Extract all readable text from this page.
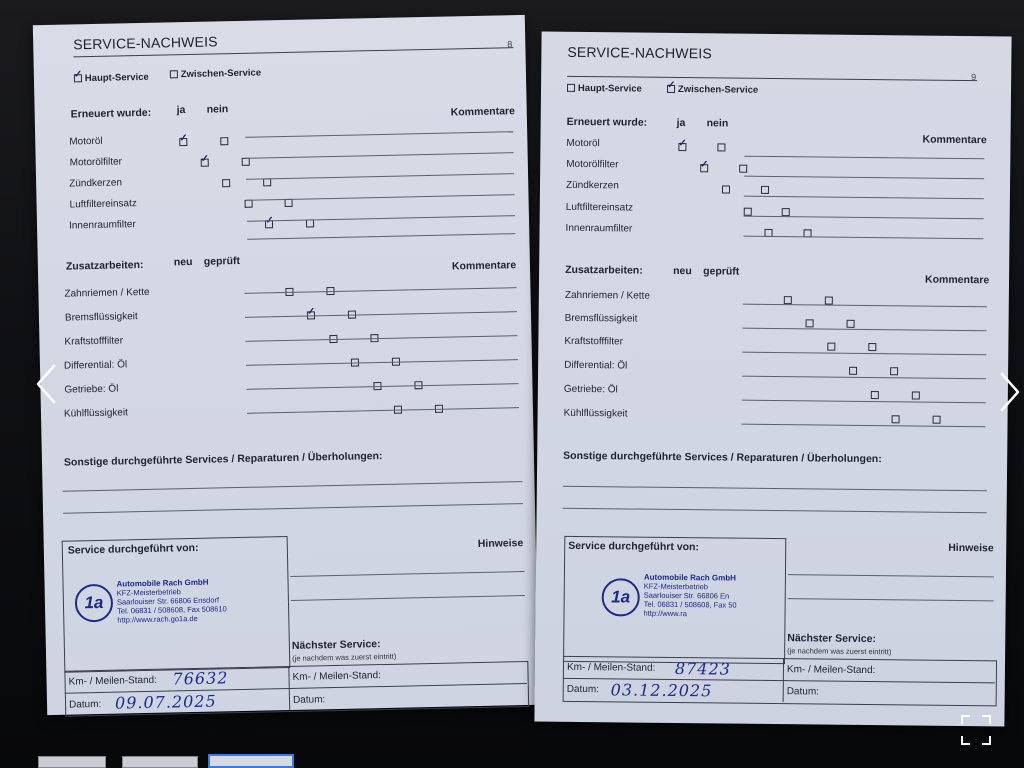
SERVICE-NACHWEIS	8
✓ Haupt-Service	Zwischen-Service
Erneuert wurde: ja nein	Kommentare
Motoröl
Motorölfilter
Zündkerzen
Luftfiltereinsatz
Innenraumfilter
✓  ✓      ✓
Zusatzarbeiten:	neu geprüft	Kommentare
Zahnriemen / Kette
Bremsflüssigkeit
Kraftstofffilter
Differential: Öl
Getriebe: Öl
Kühlflüssigkeit
✓
Sonstige durchgeführte Services / Reparaturen / Überholungen:
Service durchgeführt von:
1a
Automobile Rach GmbH
KFZ-Meisterbetrieb
Saarlouiser Str. 66806 Ensdorf
Tel. 06831 / 508608, Fax 508610
http://www.rach.go1a.de
Hinweise
Nächster Service:
(je nachdem was zuerst eintritt)
Km- / Meilen-Stand: 76632
Datum: 09.07.2025
Km- / Meilen-Stand:
Datum:
SERVICE-NACHWEIS
9
Haupt-Service
✓	Zwischen-Service
Erneuert wurde:	ja nein
Kommentare
Motoröl
Motorölfilter
Zündkerzen
Luftfiltereinsatz
Innenraumfilter
✓  ✓
Zusatzarbeiten:	neu geprüft
Kommentare
Zahnriemen / Kette
Bremsflüssigkeit
Kraftstofffilter
Differential: Öl
Getriebe: Öl
Kühlflüssigkeit

Sonstige durchgeführte Services / Reparaturen / Überholungen:
Service durchgeführt von:
1a
Automobile Rach GmbH
KFZ-Meisterbetrieb
Saarlouiser Str. 66806 En
Tel. 06831 / 508608, Fax 50
http://www.ra
Hinweise
Nächster Service:
(je nachdem was zuerst eintritt)
Km- / Meilen-Stand: 87423
Datum: 03.12.2025
Km- / Meilen-Stand:
Datum:
